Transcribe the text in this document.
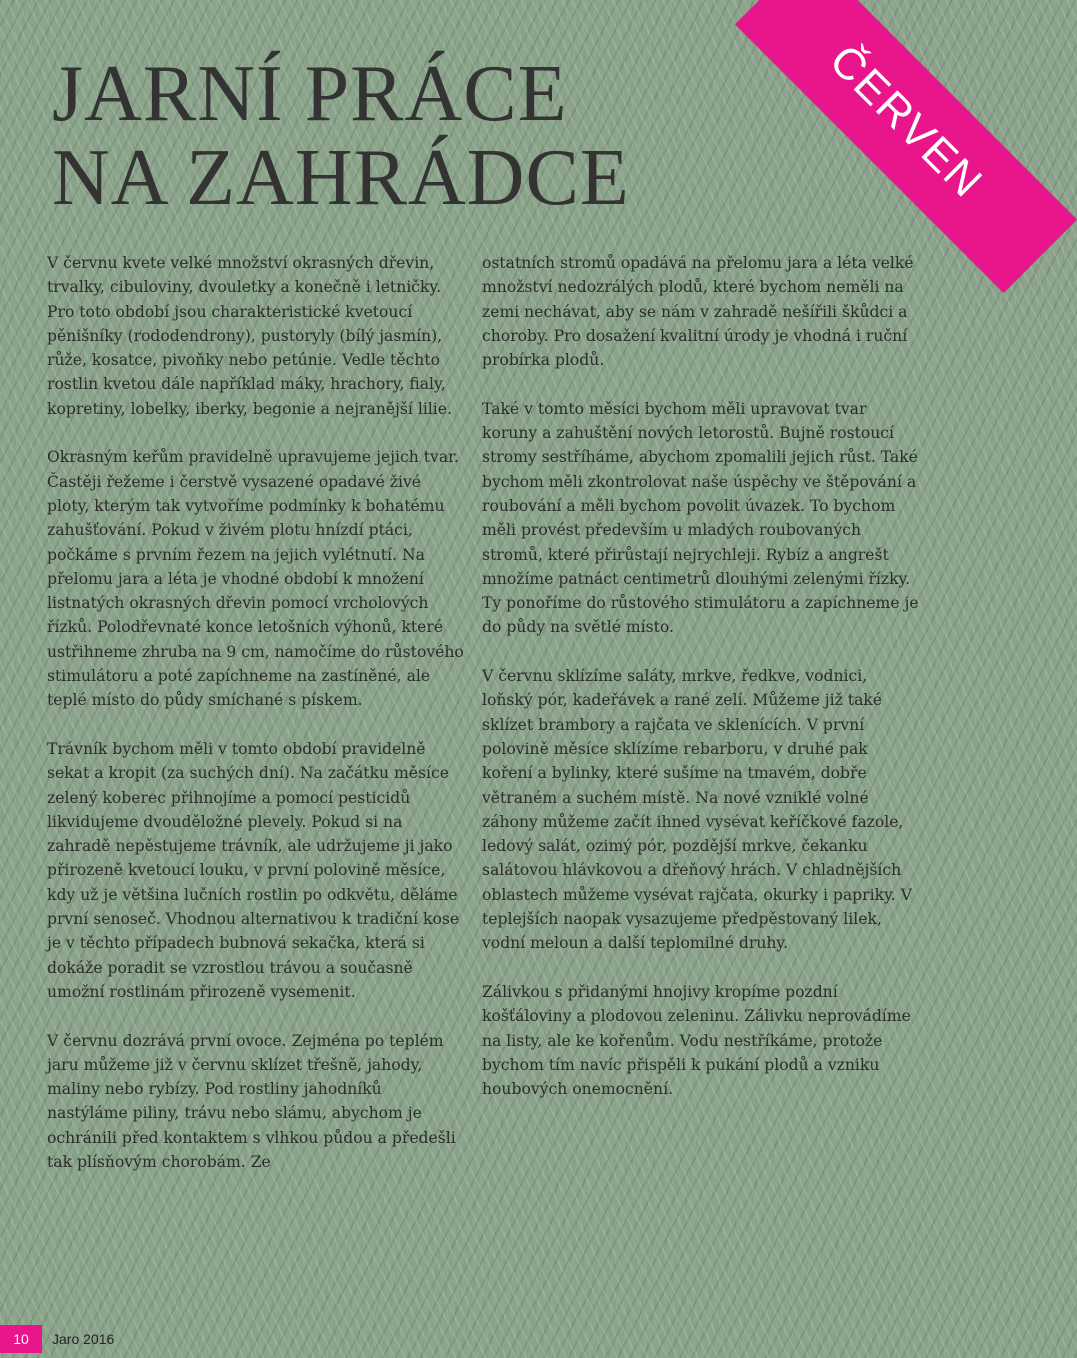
JARNÍ PRÁCE
NA ZAHRÁDCE	ČERVEN

V červnu kvete velké množství okrasných dřevin, trvalky, cibuloviny, dvouletky a konečně i letničky. Pro toto období jsou charakteristické kvetoucí pěnišníky (rododendrony), pustoryly (bílý jasmín), růže, kosatce, pivoňky nebo petúnie. Vedle těchto rostlin kvetou dále například máky, hrachory, fialy, kopretiny, lobelky, iberky, begonie a nejranější lilie.

Okrasným keřům pravidelně upravujeme jejich tvar. Častěji řežeme i čerstvě vysazené opadavé živé ploty, kterým tak vytvoříme podmínky k bohatému zahušťování. Pokud v živém plotu hnízdí ptáci, počkáme s prvním řezem na jejich vylétnutí. Na přelomu jara a léta je vhodné období k množení listnatých okrasných dřevin pomocí vrcholových řízků. Polodřevnaté konce letošních výhonů, které ustřihneme zhruba na 9 cm, namočíme do růstového stimulátoru a poté zapíchneme na zastíněné, ale teplé místo do půdy smíchané s pískem.

Trávník bychom měli v tomto období pravidelně sekat a kropit (za suchých dní). Na začátku měsíce zelený koberec přihnojíme a pomocí pesticidů likvidujeme dvouděložné plevely. Pokud si na zahradě nepěstujeme trávník, ale udržujeme ji jako přirozeně kvetoucí louku, v první polovině měsíce, kdy už je většina lučních rostlin po odkvětu, děláme první senoseč. Vhodnou alternativou k tradiční kose je v těchto případech bubnová sekačka, která si dokáže poradit se vzrostlou trávou a současně umožní rostlinám přirozeně vysemenit.

V červnu dozrává první ovoce. Zejména po teplém jaru můžeme již v červnu sklízet třešně, jahody, maliny nebo rybízy. Pod rostliny jahodníků nastýláme piliny, trávu nebo slámu, abychom je ochránili před kontaktem s vlhkou půdou a předešli tak plísňovým chorobám. Ze

ostatních stromů opadává na přelomu jara a léta velké množství nedozrálých plodů, které bychom neměli na zemi nechávat, aby se nám v zahradě nešířili škůdci a choroby. Pro dosažení kvalitní úrody je vhodná i ruční probírka plodů.

Také v tomto měsíci bychom měli upravovat tvar koruny a zahuštění nových letorostů. Bujně rostoucí stromy sestříháme, abychom zpomalili jejich růst. Také bychom měli zkontrolovat naše úspěchy ve štěpování a roubování a měli bychom povolit úvazek. To bychom měli provést především u mladých roubovaných stromů, které přirůstají nejrychleji. Rybíz a angrešt množíme patnáct centimetrů dlouhými zelenými řízky. Ty ponoříme do růstového stimulátoru a zapíchneme je do půdy na světlé místo.

V červnu sklízíme saláty, mrkve, ředkve, vodnici, loňský pór, kadeřávek a rané zelí. Můžeme již také sklízet brambory a rajčata ve sklenících. V první polovině měsíce sklízíme rebarboru, v druhé pak koření a bylinky, které sušíme na tmavém, dobře větraném a suchém místě. Na nové vzniklé volné záhony můžeme začít ihned vysévat keříčkové fazole, ledový salát, ozimý pór, pozdější mrkve, čekanku salátovou hlávkovou a dřeňový hrách. V chladnějších oblastech můžeme vysévat rajčata, okurky i papriky. V teplejších naopak vysazujeme předpěstovaný lilek, vodní meloun a další teplomilné druhy.

Zálivkou s přidanými hnojivy kropíme pozdní košťáloviny a plodovou zeleninu. Zálivku neprovádíme na listy, ale ke kořenům. Vodu nestříkáme, protože bychom tím navíc přispěli k pukání plodů a vzniku houbových onemocnění.

10	Jaro 2016
